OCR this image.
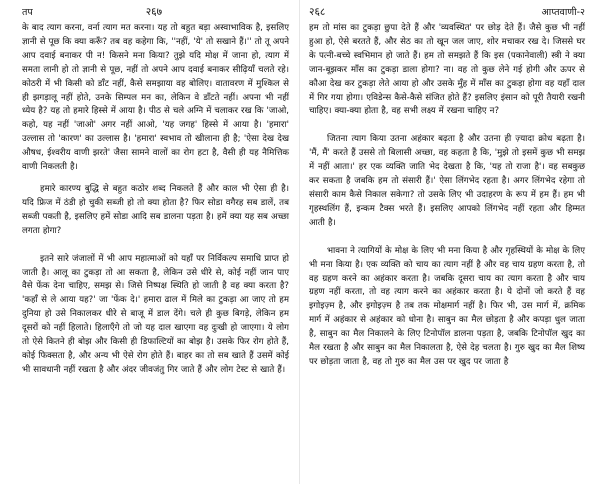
तप	२६७

के बाद त्याग करना, वर्ना त्याग मत करना। यह तो बहुत बड़ा अस्वाभाविक है, इसलिए ज्ञानी से पूछ कि क्या करूँ? तब वह कहेगा कि, ''नहीं, 'ये' तो सखाने हैं।'' तो तू अपने आप दवाई बनाकर पी न! किसने मना किया? तुझे यदि मोक्ष में जाना हो, त्याग में समता लानी हो तो ज्ञानी से पूछ, नहीं तो अपने आप दवाई बनाकर सीढ़ियाँ चलते रहे। कोठरी में भी किसी को डाँट नहीं, कैसे समझाया वह बोलिए। वातावरण में मुश्किल से ही झगड़ालू नहीं होते, उनके सिम्पल मन का, लेकिन वे डाँटते नहीं। अपना भी नहीं ध्येय है? यह तो हमारे हिस्से में आया है। पीठ से चले अग्नि में चलाकर रख कि 'जाओ, कहो, यह नहीं 'जाओ' अगर नहीं आओ, 'यह जगह' हिस्से में आया है। 'हमारा' उल्लास तो 'कारण' का उल्लास है। 'हमारा' स्वभाव तो खीलाना ही है; 'ऐसा देख देख औषध, ईश्वरीय वाणी झरते' जैसा सामने वालों का रोग हटा है, वैसी ही यह नैमित्तिक वाणी निकलती है।

हमारे कारण्य बुद्धि से बहुत कठोर शब्द निकलते हैं और काल भी ऐसा ही है। यदि फ्रिज में ठंडी हो चुकी सब्जी हो तो क्या होता है? फिर सोडा वगैरह सब डालें, तब सब्जी पकती है, इसलिए हमें सोडा आदि सब डालना पड़ता है। हमें क्या यह सब अच्छा लगता होगा?

इतने सारे जंजालों में भी आप महात्माओं को यहाँ पर निर्विकल्प समाधि प्राप्त हो जाती है। आलू का टुकड़ा तो आ सकता है, लेकिन उसे धीरे से, कोई नहीं जान पाए वैसे फेंक देना चाहिए, समझ से। जिसे निष्पक्ष स्थिति हो जाती है वह क्या करता है? 'कहाँ से ले आया यह?' जा 'फेंक दे।' हमारा ढाल में मिले का टुकड़ा आ जाए तो हम दुनिया हो उसे निकालकर धीरे से बाजू में डाल देंगे। चले ही कुछ बिगड़े, लेकिन हम दूसरों को नहीं हिलाते। हिलाएँगे तो जो यह दाल खाएगा वह दुःखी हो जाएगा। ये लोग तो ऐसे कितने ही बोझ और किसी ही डिफाल्टियों का बोझ है। उसके फिर रोग होते हैं, कोई फिक्सता है, और अन्य भी ऐसे रोग होते हैं। बाहर का तो सब खाते हैं उसमें कोई भी सावधानी नहीं रखता है और अंदर जीवजंतु गिर जाते हैं और लोग टेस्ट से खाते हैं।

२६८	आप्तवाणी-२

हम तो मांस का टुकड़ा छुपा देते हैं और 'व्यवस्थित' पर छोड़ देते हैं। जैसे कुछ भी नहीं हुआ हो, ऐसे बरतते हैं, और सेठ का तो खून जल जाए, शोर मचाकर रख दे। जिससे घर के पत्नी-बच्चे स्वभिमान हो जाते हैं। हम तो समझते हैं कि इस (पकानेवाली) स्त्री ने क्या जान-बूझकर माँस का टुकड़ा डाला होगा? ना। वह तो कुछ लेने गई होगी और ऊपर से कौआ देख कर टुकड़ा लेते आया हो और उसके मुँह में माँस का टुकड़ा होगा वह यहाँ दाल में गिर गया होगा। एविडेन्स कैसे-कैसे संजित होते हैं? इसलिए इंसान को पूरी तैयारी रखनी चाहिए। क्या-क्या होता है, वह सभी लक्ष्य में रखना चाहिए न?

जितना त्याग किया उतना अहंकार बढ़ता है और उतना ही ज़्यादा क्रोध बढ़ता है। 'मैं, मैं' करते हैं उससे तो बिलासी अच्छा, वह कहता है कि, 'मुझे तो इसमें कुछ भी समझ में नहीं आता।' हर एक व्यक्ति जाति भेद देखता है कि, 'यह तो राजा है'। वह सबकुछ कर सकता है जबकि हम तो संसारी हैं।' ऐसा लिंगभेद रहता है। अगर लिंगभेद रहेगा तो संसारी काम कैसे निकाल सकेगा? तो उसके लिए भी उदाहरण के रूप में हम हैं। हम भी गृहस्थलिंग हैं, इन्कम टैक्स भरते हैं। इसलिए आपको लिंगभेद नहीं रहता और हिम्मत आती है।

भावना ने त्यागियों के मोक्ष के लिए भी मना किया है और गृहस्थियों के मोक्ष के लिए भी मना किया है। एक व्यक्ति को चाय का त्याग नहीं है और वह चाय ग्रहण करता है, तो वह ग्रहण करने का अहंकार करता है। जबकि दूसरा चाय का त्याग करता है और चाय ग्रहण नहीं करता, तो वह त्याग करने का अहंकार करता है। ये दोनों जो करते हैं वह इगोइज़्म है, और इगोइज़्म है तब तक मोक्षमार्ग नहीं है। फिर भी, उस मार्ग में, क्रमिक मार्ग में अहंकार से अहंकार को धोना है। साबुन का मैल छोड़ता है और कपड़ा धुल जाता है, साबुन का मैल निकालने के लिए टिनोपॉल डालना पड़ता है, जबकि टिनोपॉल खुद का मैल रखता है और साबुन का मैल निकालता है, ऐसे देह चलता है। गुरु खुद का मैल शिष्य पर छोड़ता जाता है, वह तो गुरु का मैल उस पर खुद पर जाता है
